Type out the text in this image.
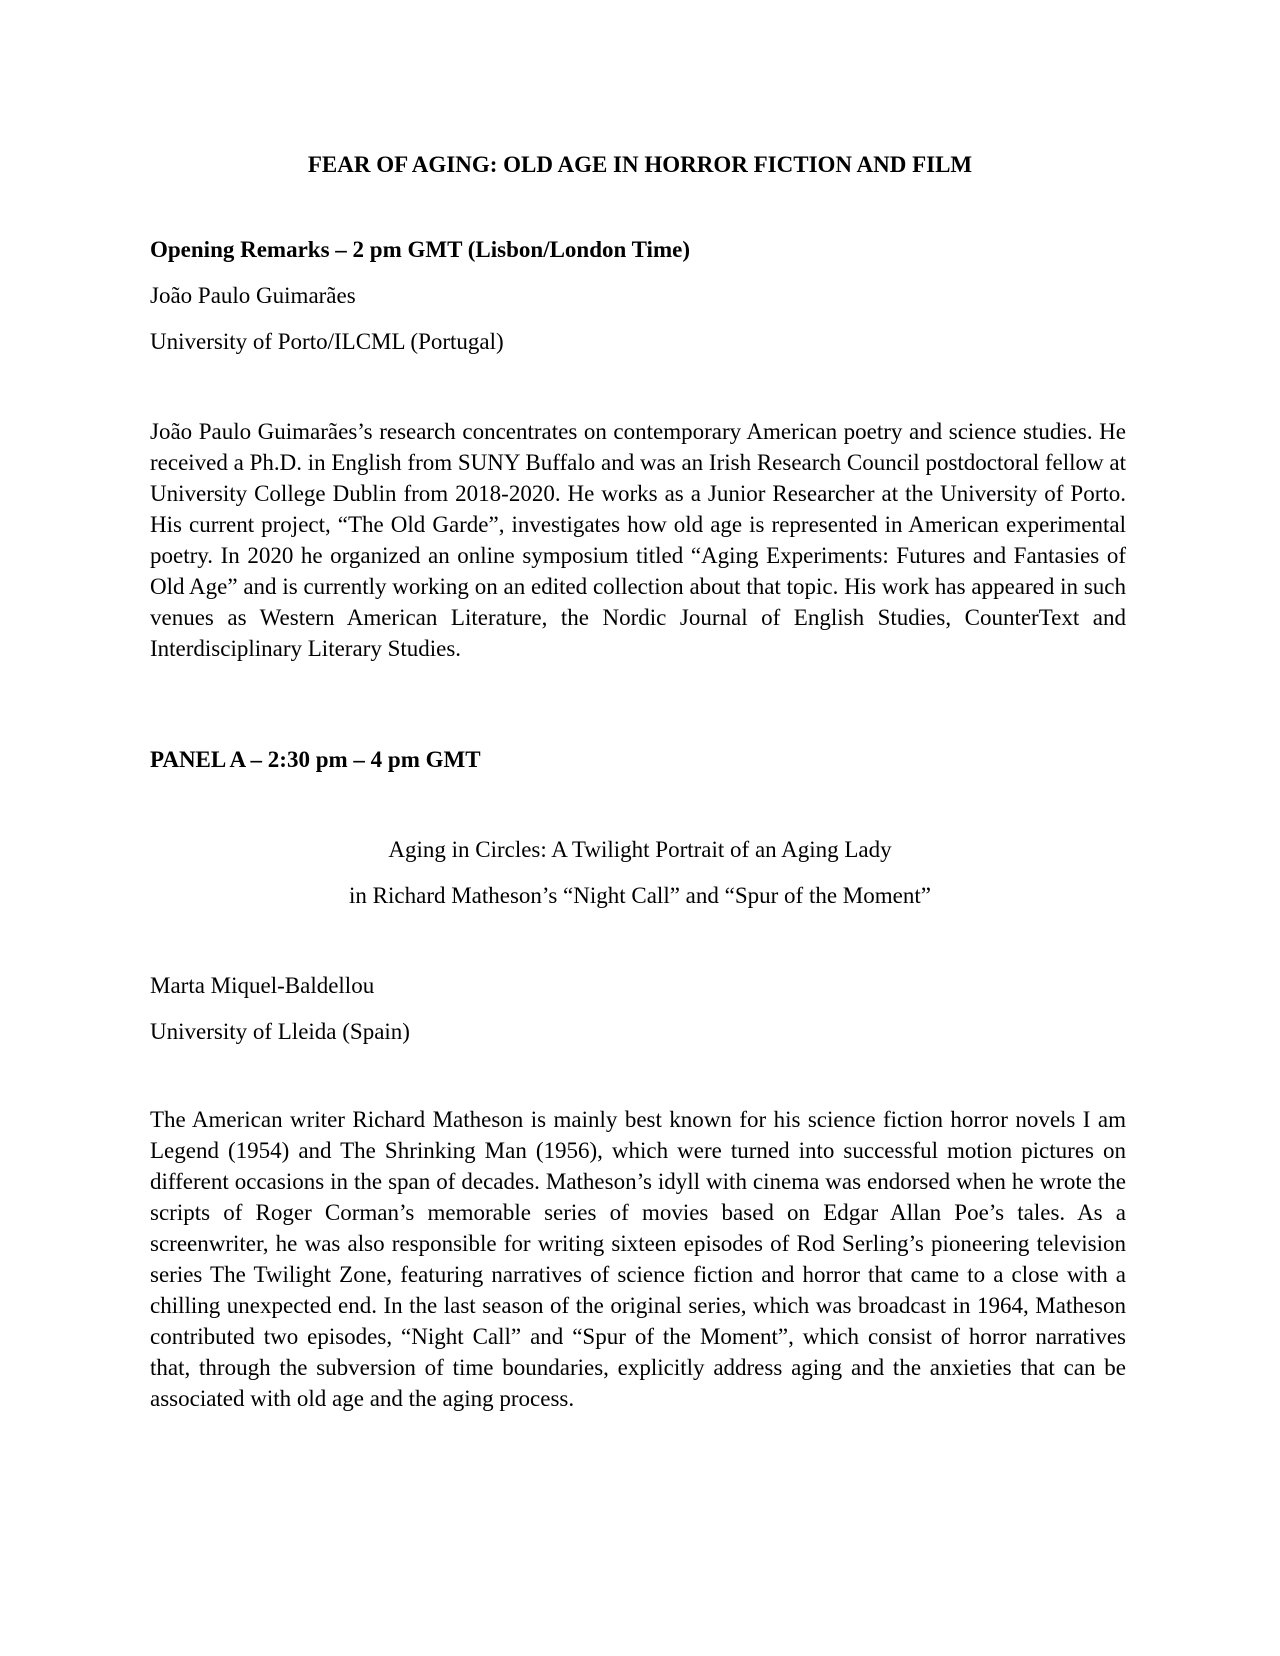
FEAR OF AGING: OLD AGE IN HORROR FICTION AND FILM
Opening Remarks – 2 pm GMT (Lisbon/London Time)

João Paulo Guimarães

University of Porto/ILCML (Portugal)

João Paulo Guimarães’s research concentrates on contemporary American poetry and science studies. He received a Ph.D. in English from SUNY Buffalo and was an Irish Research Council postdoctoral fellow at University College Dublin from 2018-2020. He works as a Junior Researcher at the University of Porto. His current project, “The Old Garde”, investigates how old age is represented in American experimental poetry. In 2020 he organized an online symposium titled “Aging Experiments: Futures and Fantasies of Old Age” and is currently working on an edited collection about that topic. His work has appeared in such venues as Western American Literature, the Nordic Journal of English Studies, CounterText and Interdisciplinary Literary Studies.

PANEL A – 2:30 pm – 4 pm GMT

Aging in Circles: A Twilight Portrait of an Aging Lady

in Richard Matheson’s “Night Call” and “Spur of the Moment”

Marta Miquel-Baldellou

University of Lleida (Spain)

The American writer Richard Matheson is mainly best known for his science fiction horror novels I am Legend (1954) and The Shrinking Man (1956), which were turned into successful motion pictures on different occasions in the span of decades. Matheson’s idyll with cinema was endorsed when he wrote the scripts of Roger Corman’s memorable series of movies based on Edgar Allan Poe’s tales. As a screenwriter, he was also responsible for writing sixteen episodes of Rod Serling’s pioneering television series The Twilight Zone, featuring narratives of science fiction and horror that came to a close with a chilling unexpected end. In the last season of the original series, which was broadcast in 1964, Matheson contributed two episodes, “Night Call” and “Spur of the Moment”, which consist of horror narratives that, through the subversion of time boundaries, explicitly address aging and the anxieties that can be associated with old age and the aging process.
